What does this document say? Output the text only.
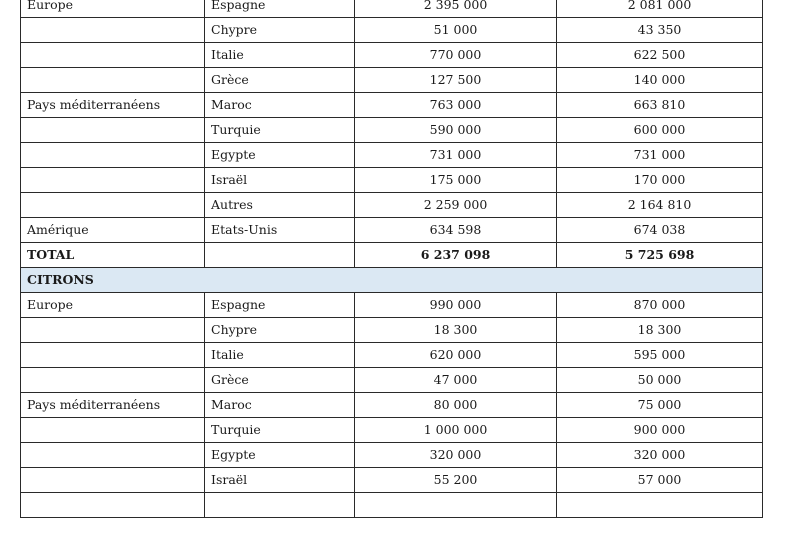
Europe	Espagne	2 395 000	2 081 000
	Chypre	51 000	43 350
	Italie	770 000	622 500
	Grèce	127 500	140 000
Pays méditerranéens	Maroc	763 000	663 810
	Turquie	590 000	600 000
	Egypte	731 000	731 000
	Israël	175 000	170 000
	Autres	2 259 000	2 164 810
Amérique	Etats-Unis	634 598	674 038
TOTAL		6 237 098	5 725 698
CITRONS			
Europe	Espagne	990 000	870 000
	Chypre	18 300	18 300
	Italie	620 000	595 000
	Grèce	47 000	50 000
Pays méditerranéens	Maroc	80 000	75 000
	Turquie	1 000 000	900 000
	Egypte	320 000	320 000
	Israël	55 200	57 000
